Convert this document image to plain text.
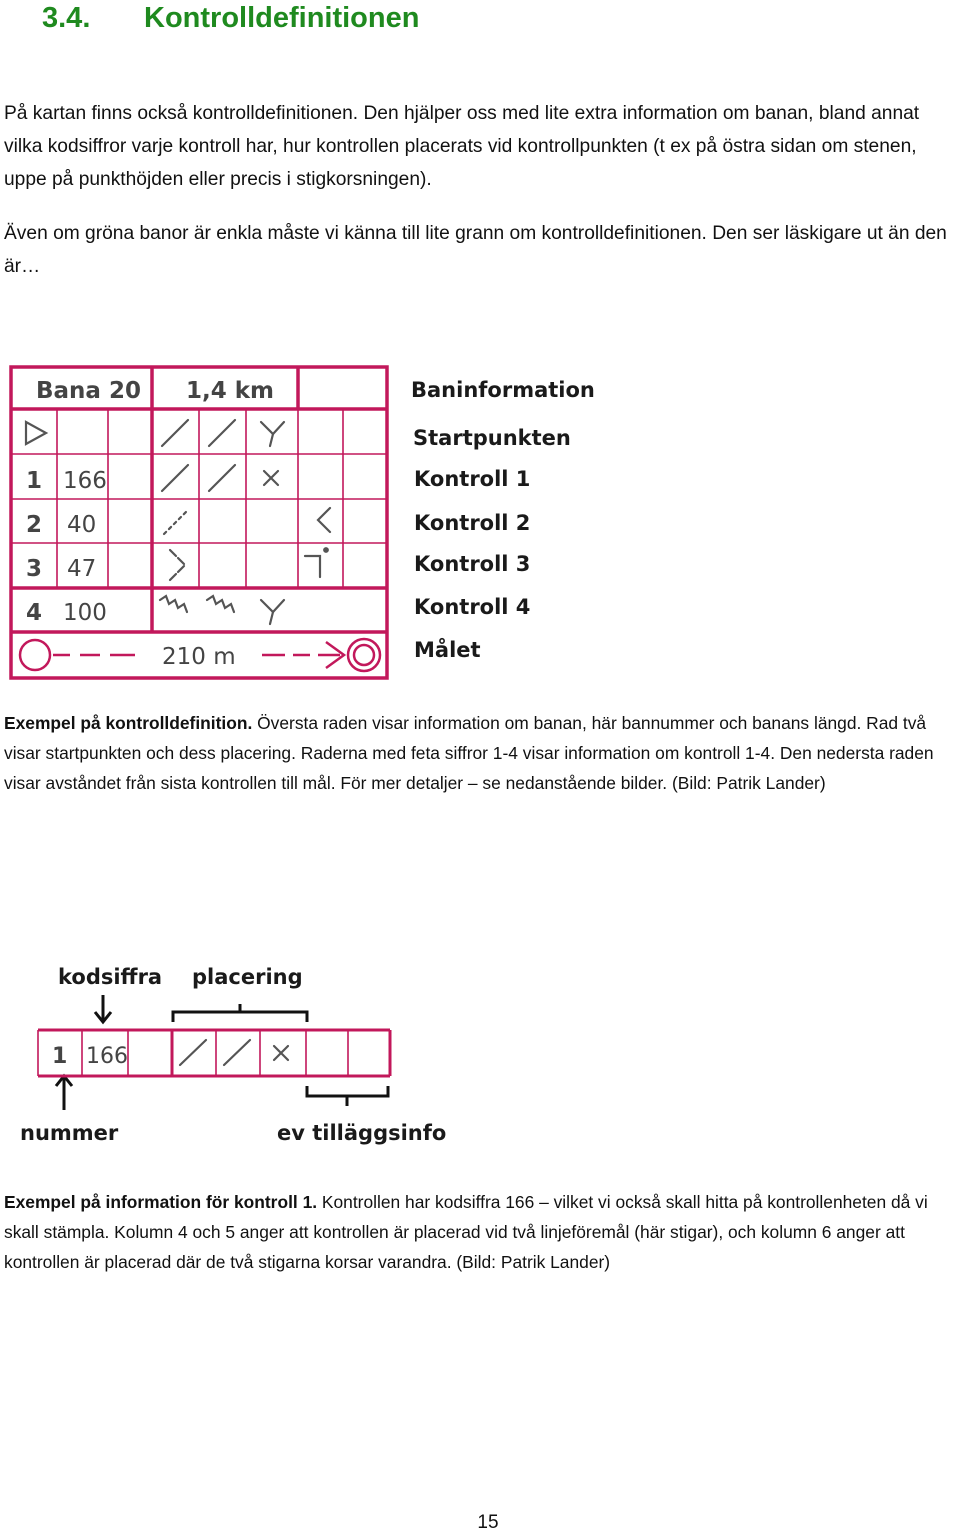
3.4. Kontrolldefinitionen

På kartan finns också kontrolldefinitionen. Den hjälper oss med lite extra information om banan, bland annat vilka kodsiffror varje kontroll har, hur kontrollen placerats vid kontrollpunkten (t ex på östra sidan om stenen, uppe på punkthöjden eller precis i stigkorsningen).

Även om gröna banor är enkla måste vi känna till lite grann om kontrolldefinitionen. Den ser läskigare ut än den är…

Bana 20 1,4 km
1 166
2 40
3 47
4 100
210 m
Baninformation
Startpunkten
Kontroll 1
Kontroll 2
Kontroll 3
Kontroll 4
Målet

Exempel på kontrolldefinition. Översta raden visar information om banan, här bannummer och banans längd. Rad två visar startpunkten och dess placering. Raderna med feta siffror 1-4 visar information om kontroll 1-4. Den nedersta raden visar avståndet från sista kontrollen till mål. För mer detaljer – se nedanstående bilder. (Bild: Patrik Lander)

kodsiffra placering
nummer	ev tilläggsinfo
1 166

Exempel på information för kontroll 1. Kontrollen har kodsiffra 166 – vilket vi också skall hitta på kontrollenheten då vi skall stämpla. Kolumn 4 och 5 anger att kontrollen är placerad vid två linjeföremål (här stigar), och kolumn 6 anger att kontrollen är placerad där de två stigarna korsar varandra. (Bild: Patrik Lander)

15
